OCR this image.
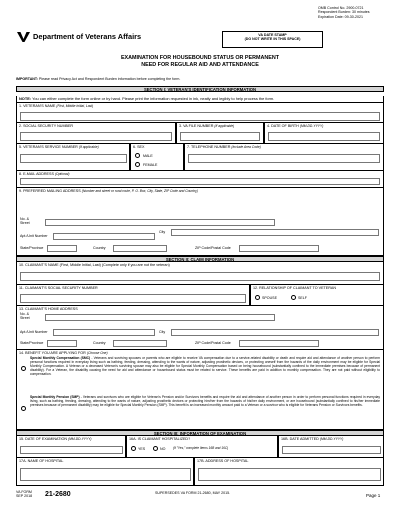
OMB Control No. 2900-0721
Respondent Burden: 30 minutes
Expiration Date: 09-30-2021
VA DATE STAMP
(DO NOT WRITE IN THIS SPACE)
Department of Veterans Affairs
EXAMINATION FOR HOUSEBOUND STATUS OR PERMANENT
NEED FOR REGULAR AID AND ATTENDANCE
IMPORTANT: Please read Privacy Act and Respondent Burden information before completing the form.
SECTION I: VETERAN'S IDENTIFICATION INFORMATION
NOTE: You can either complete the form online or by hand. Please print the information requested in ink, neatly and legibly to help process the form.
1. VETERAN'S NAME (First, Middle Initial, Last)
2. SOCIAL SECURITY NUMBER	3. VA FILE NUMBER (If applicable)	4. DATE OF BIRTH (MM-DD-YYYY)
5. VETERAN'S SERVICE NUMBER (If applicable)	6. SEX
MALE
FEMALE
7. TELEPHONE NUMBER (Include Area Code)
8. E-MAIL ADDRESS (Optional)
9. PREFERRED MAILING ADDRESS (Number and street or rural route, P. O. Box, City, State, ZIP Code and Country)
No. & Street
Apt./Unit Number
City
State/Province	Country	ZIP Code/Postal Code
SECTION II: CLAIM INFORMATION
10. CLAIMANT'S NAME (First, Middle Initial, Last) (Complete only if you are not the veteran)
11. CLAIMANT'S SOCIAL SECURITY NUMBER	12. RELATIONSHIP OF CLAIMANT TO VETERAN
SPOUSE	SELF
13. CLAIMANT'S HOME ADDRESS
No. & Street
Apt./Unit Number	City
State/Province	Country	ZIP Code/Postal Code
14. BENEFIT YOU ARE APPLYING FOR (Choose One)
Special Monthly Compensation (SMC) - Veterans and surviving spouses or parents who are eligible to receive VA compensation due to a service-related disability or death and require aid and attendance of another person to perform personal functions required in everyday living such as bathing, feeding, dressing, attending to the wants of nature, adjusting prosthetic devices, or protecting oneself from the hazards of the daily environment may be eligible for Special Monthly Compensation. A Veteran or a deceased Veteran's surviving spouse may also be eligible for Special Monthly Compensation based on being housebound (substantially confined to the immediate premises because of permanent disability). For a Veteran, the disability causing the need for aid and attendance or housebound status must be related to service. These benefits are paid in addition to monthly compensation. They are not paid without eligibility to compensation.
Special Monthly Pension (SMP) - Veterans and survivors who are eligible for Veteran's Pension and/or Survivors benefits and require the aid and attendance of another person in order to perform personal functions required in everyday living, such as bathing, feeding, dressing, attending to the wants of nature, adjusting prosthetic devices or protecting him/her from the hazards of his/her daily environment, or are housebound (substantially confined to his/her immediate premises because of permanent disability) may be eligible for Special Monthly Pension (SMP). This benefit is an increased monthly amount paid to a Veteran or a survivor who is eligible for Veterans Pension or Survivors benefits.
SECTION III: INFORMATION OF EXAMINATION
15. DATE OF EXAMINATION (MM-DD-YYYY)	16A. IS CLAIMANT HOSPITALIZED?
YES	NO (If "Yes," complete Items 16B and 16C)
16B. DATE ADMITTED (MM-DD-YYYY)
17A. NAME OF HOSPITAL	17B. ADDRESS OF HOSPITAL
VA FORM
SEP 2018 21-2680	SUPERSEDES VA FORM 21-2680, MAY 2015.	Page 1
